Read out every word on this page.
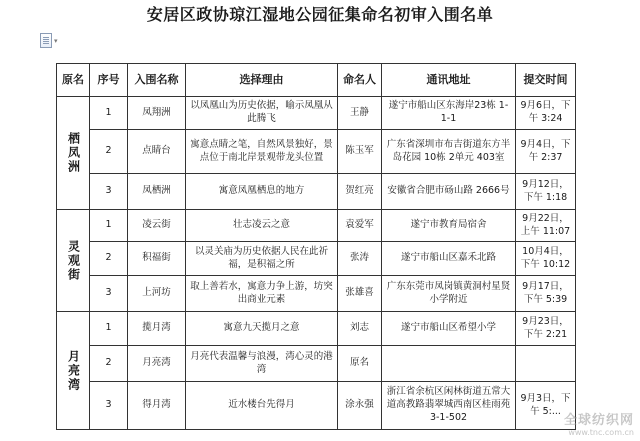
安居区政协琼江湿地公园征集命名初审入围名单
▾
原名	序号	入围名称	选择理由	命名人	通讯地址	提交时间
栖凤洲	1	凤翔洲	以凤凰山为历史依据，喻示凤凰从此腾飞	王静	遂宁市船山区东海岸23栋 1-1-1	9月6日，下午 3:24
	2	点睛台	寓意点睛之笔，自然风景独好，景点位于南北岸景观带龙头位置	陈玉军	广东省深圳市布吉街道东方半岛花园 10栋 2单元 403室	9月4日，下午 2:37
	3	凤栖洲	寓意凤凰栖息的地方	贺红亮	安徽省合肥市砀山路 2666号	9月12日，下午 1:18
灵观街	1	凌云街	壮志凌云之意	袁爱军	遂宁市教育局宿舍	9月22日，上午 11:07
	2	积福街	以灵关庙为历史依据人民在此祈福，是积福之所	张涛	遂宁市船山区嘉禾北路	10月4日，下午 10:12
	3	上河坊	取上善若水，寓意力争上游，坊突出商业元素	张雄喜	广东东莞市凤岗镇黄洞村星贤小学附近	9月17日，下午 5:39
月亮湾	1	揽月湾	寓意九天揽月之意	刘志	遂宁市船山区希望小学	9月23日，下午 2:21
	2	月亮湾	月亮代表温馨与浪漫，湾心灵的港湾	原名		
	3	得月湾	近水楼台先得月	涂永强	浙江省余杭区闲林街道五常大道高教路翡翠城西南区桂雨苑 3-1-502	9月3日，下午 5:...
全球纺织网
www.tnc.com.cn
